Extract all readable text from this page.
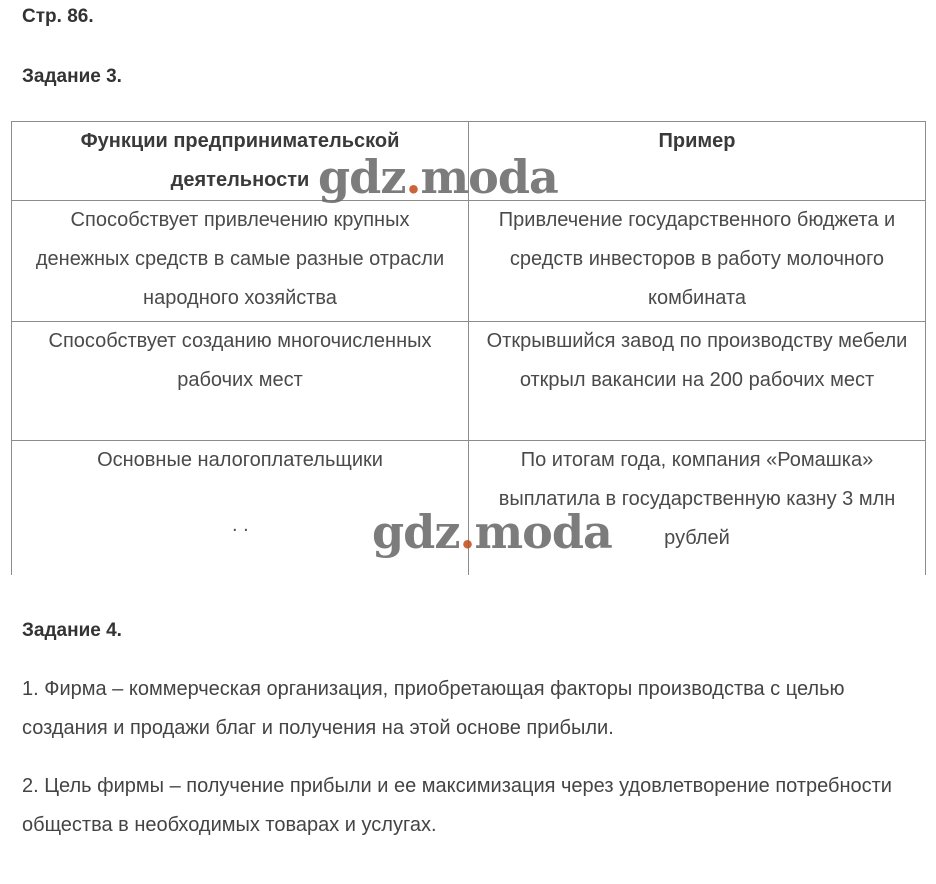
Стр. 86.
Задание 3.
Функции предпринимательской деятельности	Пример
Способствует привлечению крупных денежных средств в самые разные отрасли народного хозяйства	Привлечение государственного бюджета и средств инвесторов в работу молочного комбината
Способствует созданию многочисленных рабочих мест	Открывшийся завод по производству мебели открыл вакансии на 200 рабочих мест
Основные налогоплательщики	По итогам года, компания «Ромашка» выплатила в государственную казну 3 млн рублей
. .
Задание 4.
1. Фирма – коммерческая организация, приобретающая факторы производства с целью создания и продажи благ и получения на этой основе прибыли.
2. Цель фирмы – получение прибыли и ее максимизация через удовлетворение потребности общества в необходимых товарах и услугах.
gdz.moda
gdz.moda
